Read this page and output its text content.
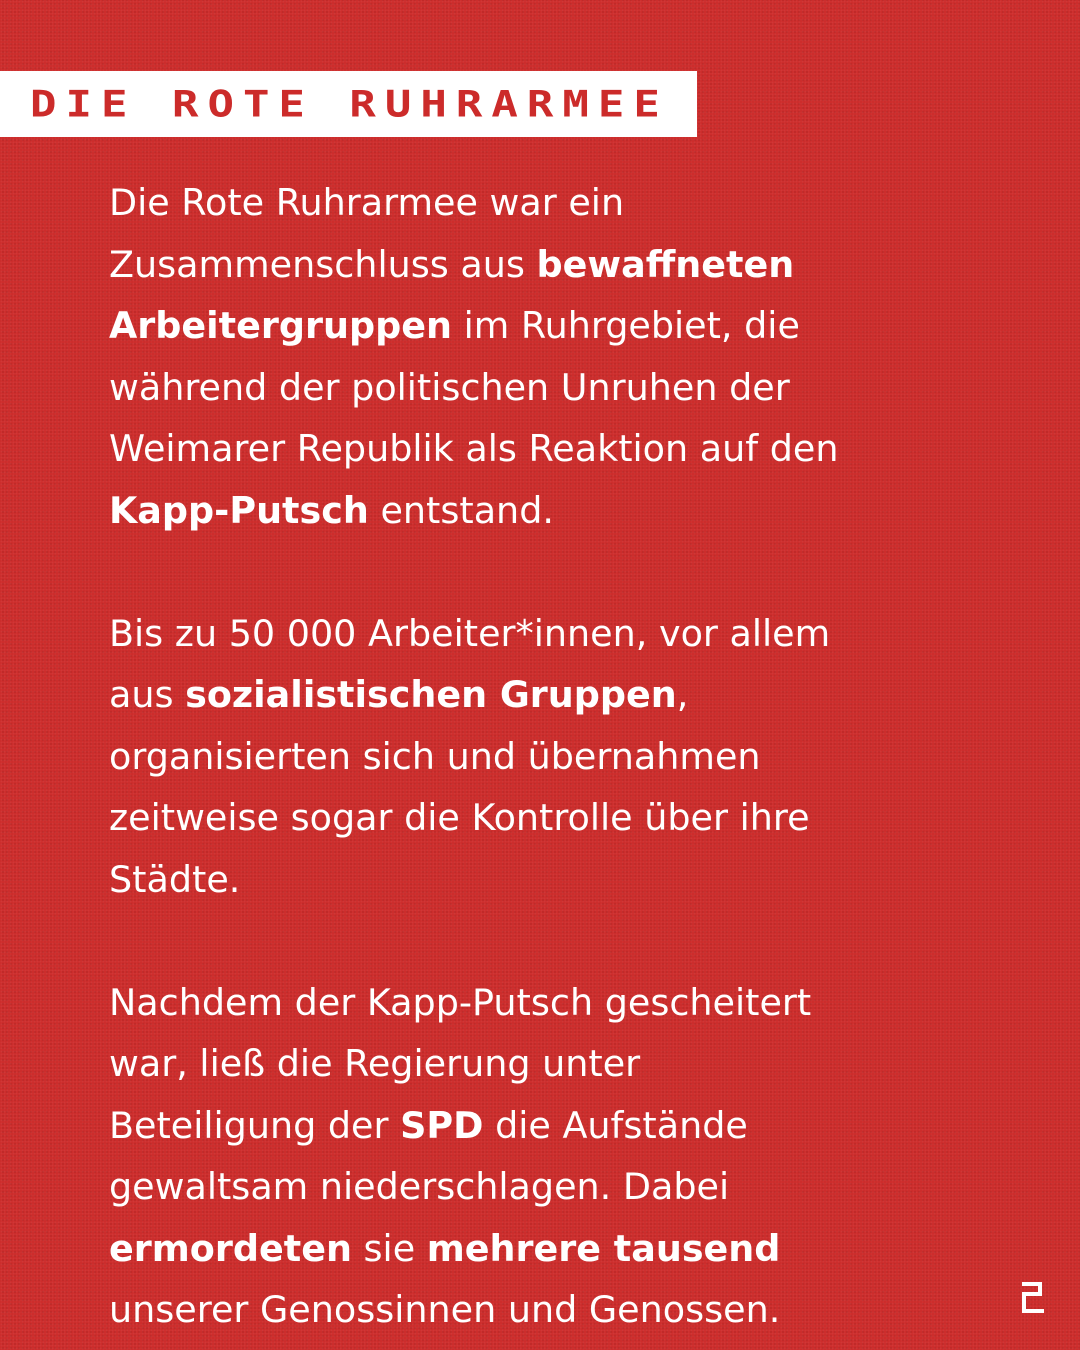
DIE ROTE RUHRARMEE

Die Rote Ruhrarmee war ein

Zusammenschluss aus bewaffneten

Arbeitergruppen im Ruhrgebiet, die

während der politischen Unruhen der

Weimarer Republik als Reaktion auf den

Kapp-Putsch entstand.

Bis zu 50 000 Arbeiter*innen, vor allem

aus sozialistischen Gruppen,

organisierten sich und übernahmen

zeitweise sogar die Kontrolle über ihre

Städte.

Nachdem der Kapp-Putsch gescheitert

war, ließ die Regierung unter

Beteiligung der SPD die Aufstände

gewaltsam niederschlagen. Dabei

ermordeten sie mehrere tausend

unserer Genossinnen und Genossen.
